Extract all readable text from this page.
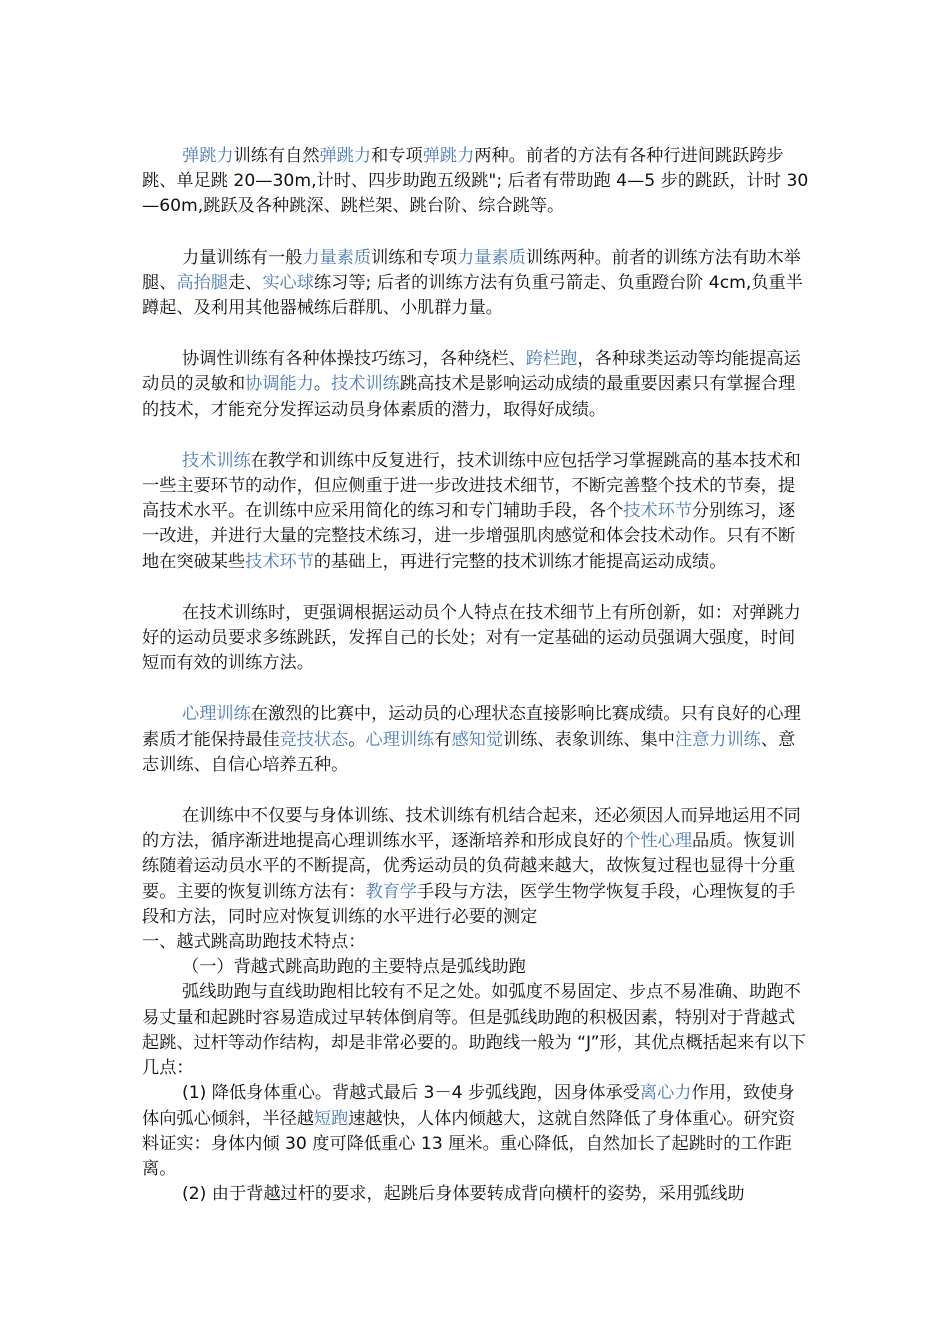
弹跳力训练有自然弹跳力和专项弹跳力两种。前者的方法有各种行进间跳跃跨步跳、单足跳 20—30m,计时、四步助跑五级跳"; 后者有带助跑 4—5 步的跳跃，计时 30—60m,跳跃及各种跳深、跳栏架、跳台阶、综合跳等。

力量训练有一般力量素质训练和专项力量素质训练两种。前者的训练方法有助木举腿、高抬腿走、实心球练习等; 后者的训练方法有负重弓箭走、负重蹬台阶 4cm,负重半蹲起、及利用其他器械练后群肌、小肌群力量。

协调性训练有各种体操技巧练习，各种绕栏、跨栏跑，各种球类运动等均能提高运动员的灵敏和协调能力。技术训练跳高技术是影响运动成绩的最重要因素只有掌握合理的技术，才能充分发挥运动员身体素质的潜力，取得好成绩。

技术训练在教学和训练中反复进行，技术训练中应包括学习掌握跳高的基本技术和一些主要环节的动作，但应侧重于进一步改进技术细节，不断完善整个技术的节奏，提高技术水平。在训练中应采用简化的练习和专门辅助手段，各个技术环节分别练习，逐一改进，并进行大量的完整技术练习，进一步增强肌肉感觉和体会技术动作。只有不断地在突破某些技术环节的基础上，再进行完整的技术训练才能提高运动成绩。

在技术训练时，更强调根据运动员个人特点在技术细节上有所创新，如：对弹跳力好的运动员要求多练跳跃，发挥自己的长处；对有一定基础的运动员强调大强度，时间短而有效的训练方法。

心理训练在激烈的比赛中，运动员的心理状态直接影响比赛成绩。只有良好的心理素质才能保持最佳竞技状态。心理训练有感知觉训练、表象训练、集中注意力训练、意志训练、自信心培养五种。

在训练中不仅要与身体训练、技术训练有机结合起来，还必须因人而异地运用不同的方法，循序渐进地提高心理训练水平，逐渐培养和形成良好的个性心理品质。恢复训练随着运动员水平的不断提高，优秀运动员的负荷越来越大，故恢复过程也显得十分重要。主要的恢复训练方法有：教育学手段与方法，医学生物学恢复手段，心理恢复的手段和方法，同时应对恢复训练的水平进行必要的测定

一、越式跳高助跑技术特点：

（一）背越式跳高助跑的主要特点是弧线助跑

弧线助跑与直线助跑相比较有不足之处。如弧度不易固定、步点不易准确、助跑不易丈量和起跳时容易造成过早转体倒肩等。但是弧线助跑的积极因素，特别对于背越式起跳、过杆等动作结构，却是非常必要的。助跑线一般为 “J”形，其优点概括起来有以下几点：

(1) 降低身体重心。背越式最后 3－4 步弧线跑，因身体承受离心力作用，致使身体向弧心倾斜，半径越短跑速越快，人体内倾越大，这就自然降低了身体重心。研究资料证实：身体内倾 30 度可降低重心 13 厘米。重心降低，自然加长了起跳时的工作距离。

(2) 由于背越过杆的要求，起跳后身体要转成背向横杆的姿势，采用弧线助
